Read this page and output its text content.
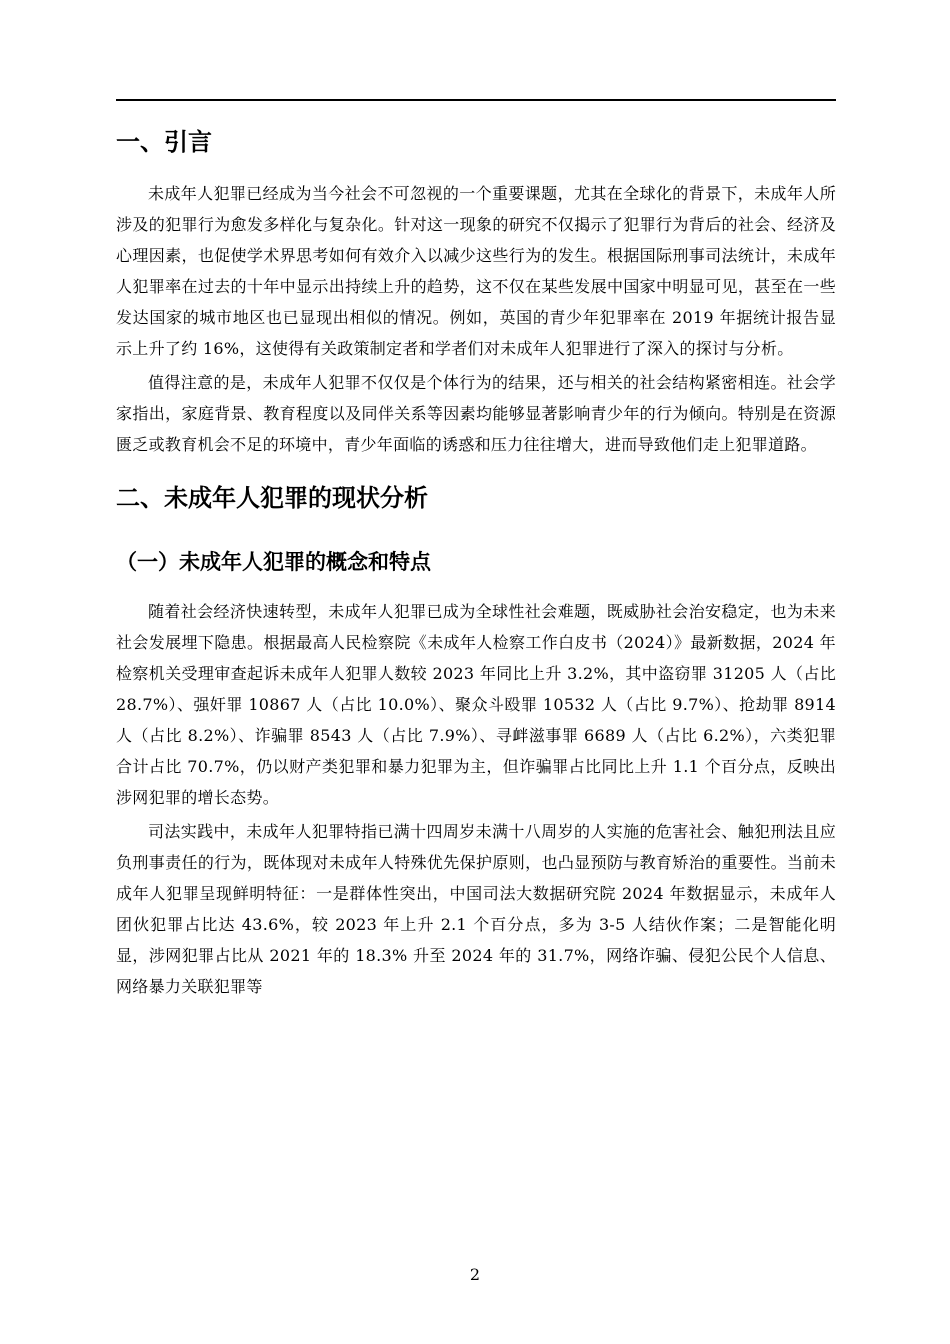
一、引言

未成年人犯罪已经成为当今社会不可忽视的一个重要课题，尤其在全球化的背景下，未成年人所涉及的犯罪行为愈发多样化与复杂化。针对这一现象的研究不仅揭示了犯罪行为背后的社会、经济及心理因素，也促使学术界思考如何有效介入以减少这些行为的发生。根据国际刑事司法统计，未成年人犯罪率在过去的十年中显示出持续上升的趋势，这不仅在某些发展中国家中明显可见，甚至在一些发达国家的城市地区也已显现出相似的情况。例如，英国的青少年犯罪率在 2019 年据统计报告显示上升了约 16%，这使得有关政策制定者和学者们对未成年人犯罪进行了深入的探讨与分析。

值得注意的是，未成年人犯罪不仅仅是个体行为的结果，还与相关的社会结构紧密相连。社会学家指出，家庭背景、教育程度以及同伴关系等因素均能够显著影响青少年的行为倾向。特别是在资源匮乏或教育机会不足的环境中，青少年面临的诱惑和压力往往增大，进而导致他们走上犯罪道路。

二、未成年人犯罪的现状分析
（一）未成年人犯罪的概念和特点

随着社会经济快速转型，未成年人犯罪已成为全球性社会难题，既威胁社会治安稳定，也为未来社会发展埋下隐患。根据最高人民检察院《未成年人检察工作白皮书（2024）》最新数据，2024 年检察机关受理审查起诉未成年人犯罪人数较 2023 年同比上升 3.2%，其中盗窃罪 31205 人（占比 28.7%）、强奸罪 10867 人（占比 10.0%）、聚众斗殴罪 10532 人（占比 9.7%）、抢劫罪 8914 人（占比 8.2%）、诈骗罪 8543 人（占比 7.9%）、寻衅滋事罪 6689 人（占比 6.2%），六类犯罪合计占比 70.7%，仍以财产类犯罪和暴力犯罪为主，但诈骗罪占比同比上升 1.1 个百分点，反映出涉网犯罪的增长态势。

司法实践中，未成年人犯罪特指已满十四周岁未满十八周岁的人实施的危害社会、触犯刑法且应负刑事责任的行为，既体现对未成年人特殊优先保护原则，也凸显预防与教育矫治的重要性。当前未成年人犯罪呈现鲜明特征：一是群体性突出，中国司法大数据研究院 2024 年数据显示，未成年人团伙犯罪占比达 43.6%，较 2023 年上升 2.1 个百分点，多为 3-5 人结伙作案；二是智能化明显，涉网犯罪占比从 2021 年的 18.3% 升至 2024 年的 31.7%，网络诈骗、侵犯公民个人信息、网络暴力关联犯罪等

2
